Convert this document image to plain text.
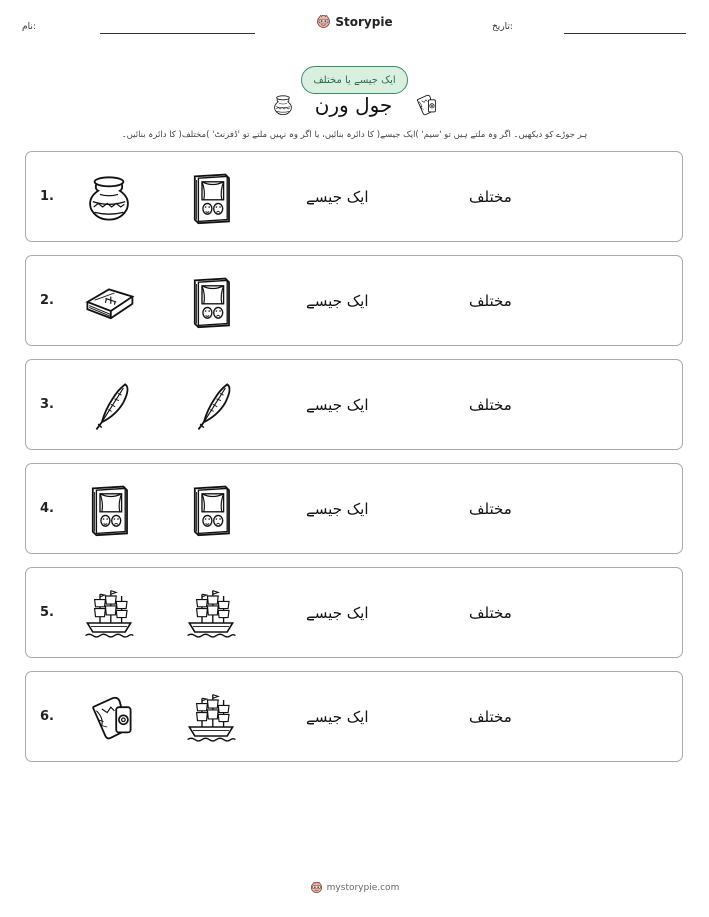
نام:	Storypie	تاریخ:
ایک جیسے یا مختلف
جول ورن
ہر جوڑے کو دیکھیں۔ اگر وہ ملتے ہیں تو 'سیم' )ایک جیسے( کا دائرہ بنائیں، یا اگر وہ نہیں ملتے تو 'ڈفرنٹ' )مختلف( کا دائرہ بنائیں۔
1.	ایک جیسے	مختلف
2.	ایک جیسے	مختلف
3.	ایک جیسے	مختلف
4.	ایک جیسے	مختلف
5.	ایک جیسے	مختلف
6.	ایک جیسے	مختلف
mystorypie.com
